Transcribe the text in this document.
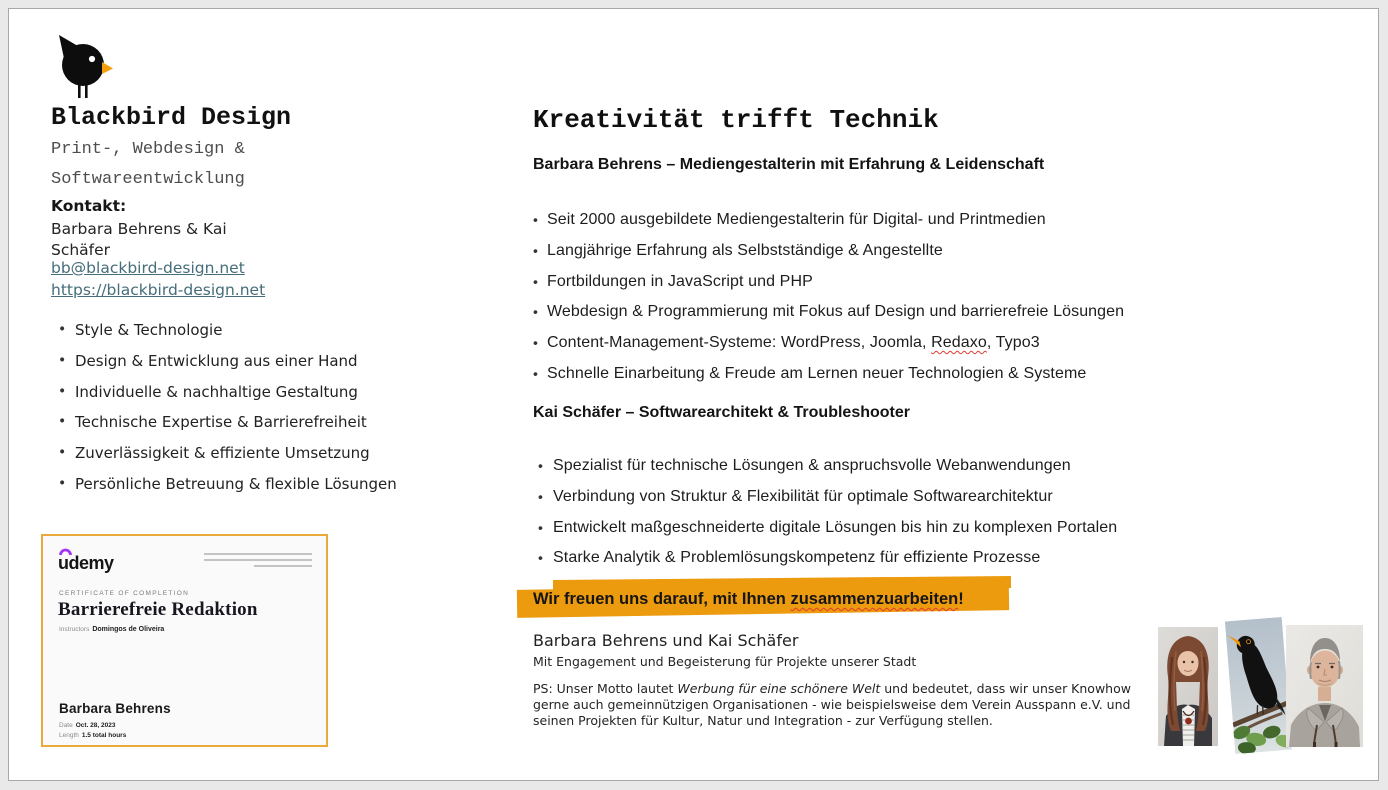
Blackbird Design
Print-, Webdesign &
Softwareentwicklung
Kontakt:
Barbara Behrens & Kai
Schäfer
bb@blackbird-design.net
https://blackbird-design.net
• Style & Technologie
• Design & Entwicklung aus einer Hand
• Individuelle & nachhaltige Gestaltung
• Technische Expertise & Barrierefreiheit
• Zuverlässigkeit & effiziente Umsetzung
• Persönliche Betreuung & flexible Lösungen
udemy
CERTIFICATE OF COMPLETION
Barrierefreie Redaktion
Instructors Domingos de Oliveira
Barbara Behrens
Date Oct. 28, 2023
Length 1.5 total hours
Kreativität trifft Technik
Barbara Behrens – Mediengestalterin mit Erfahrung & Leidenschaft
• Seit 2000 ausgebildete Mediengestalterin für Digital- und Printmedien
• Langjährige Erfahrung als Selbstständige & Angestellte
• Fortbildungen in JavaScript und PHP
• Webdesign & Programmierung mit Fokus auf Design und barrierefreie Lösungen
• Content-Management-Systeme: WordPress, Joomla, Redaxo, Typo3
• Schnelle Einarbeitung & Freude am Lernen neuer Technologien & Systeme
Kai Schäfer – Softwarearchitekt & Troubleshooter
• Spezialist für technische Lösungen & anspruchsvolle Webanwendungen
• Verbindung von Struktur & Flexibilität für optimale Softwarearchitektur
• Entwickelt maßgeschneiderte digitale Lösungen bis hin zu komplexen Portalen
• Starke Analytik & Problemlösungskompetenz für effiziente Prozesse
Wir freuen uns darauf, mit Ihnen zusammenzuarbeiten!
Barbara Behrens und Kai Schäfer
Mit Engagement und Begeisterung für Projekte unserer Stadt
PS: Unser Motto lautet Werbung für eine schönere Welt und bedeutet, dass wir unser Knowhow gerne auch gemeinnützigen Organisationen - wie beispielsweise dem Verein Ausspann e.V. und seinen Projekten für Kultur, Natur und Integration - zur Verfügung stellen.
